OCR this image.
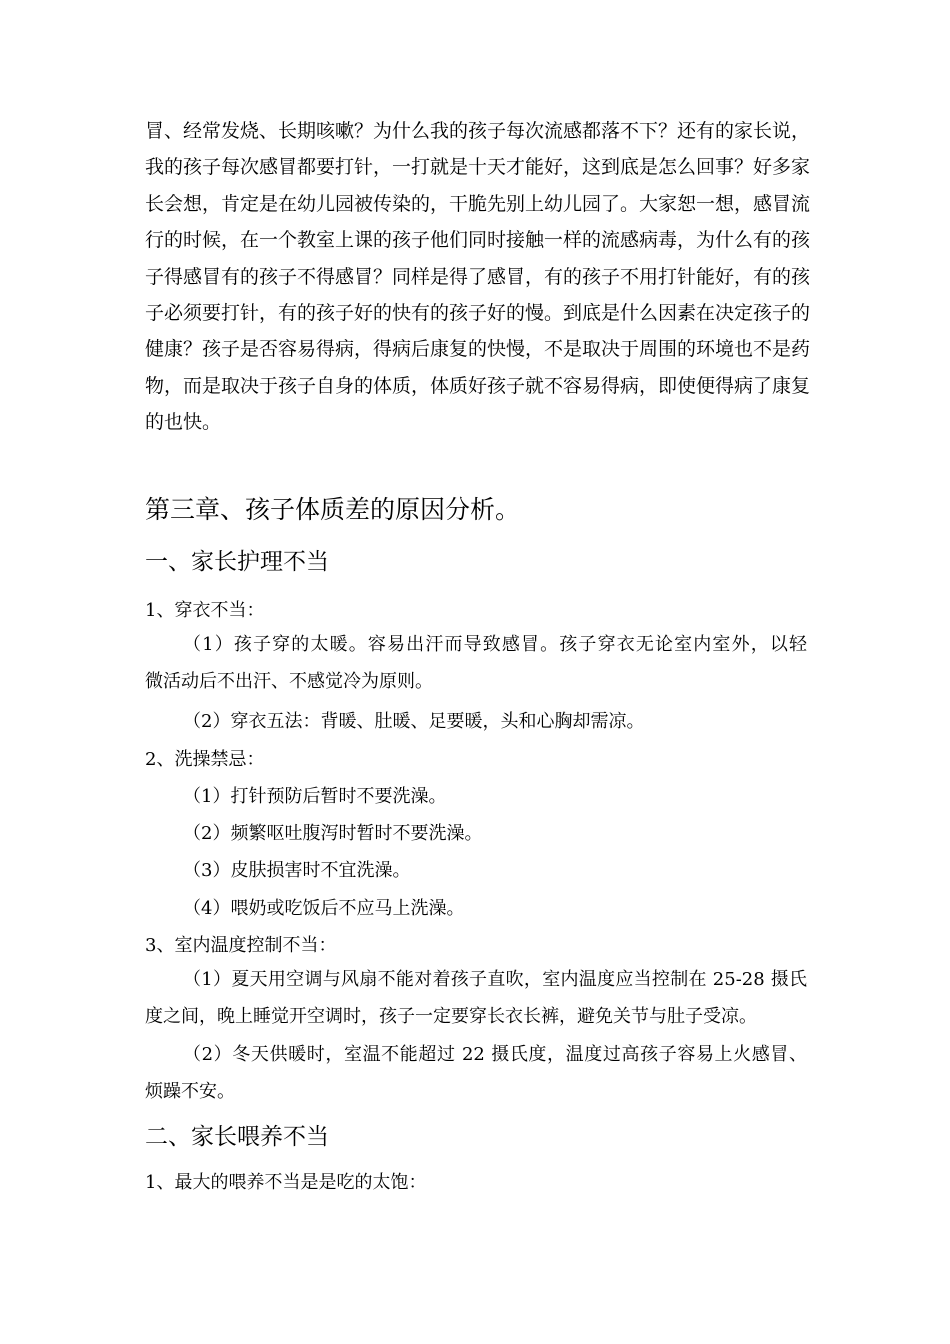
冒、经常发烧、长期咳嗽？为什么我的孩子每次流感都落不下？还有的家长说，
我的孩子每次感冒都要打针，一打就是十天才能好，这到底是怎么回事？好多家
长会想，肯定是在幼儿园被传染的，干脆先别上幼儿园了。大家恕一想，感冒流
行的时候，在一个教室上课的孩子他们同时接触一样的流感病毒，为什么有的孩
子得感冒有的孩子不得感冒？同样是得了感冒，有的孩子不用打针能好，有的孩
子必须要打针，有的孩子好的快有的孩子好的慢。到底是什么因素在决定孩子的
健康？孩子是否容易得病，得病后康复的快慢，不是取决于周围的环境也不是药
物，而是取决于孩子自身的体质，体质好孩子就不容易得病，即使便得病了康复
的也快。
第三章、孩子体质差的原因分析。
一、家长护理不当
1、穿衣不当：
（1）孩子穿的太暖。容易出汗而导致感冒。孩子穿衣无论室内室外，以轻
微活动后不出汗、不感觉冷为原则。
（2）穿衣五法：背暖、肚暖、足要暖，头和心胸却需凉。
2、洗操禁忌：
（1）打针预防后暂时不要洗澡。
（2）频繁呕吐腹泻时暂时不要洗澡。
（3）皮肤损害时不宜洗澡。
（4）喂奶或吃饭后不应马上洗澡。
3、室内温度控制不当：
（1）夏天用空调与风扇不能对着孩子直吹，室内温度应当控制在 25-28 摄氏
度之间，晚上睡觉开空调时，孩子一定要穿长衣长裤，避免关节与肚子受凉。
（2）冬天供暖时，室温不能超过 22 摄氏度，温度过高孩子容易上火感冒、
烦躁不安。
二、家长喂养不当
1、最大的喂养不当是是吃的太饱：
